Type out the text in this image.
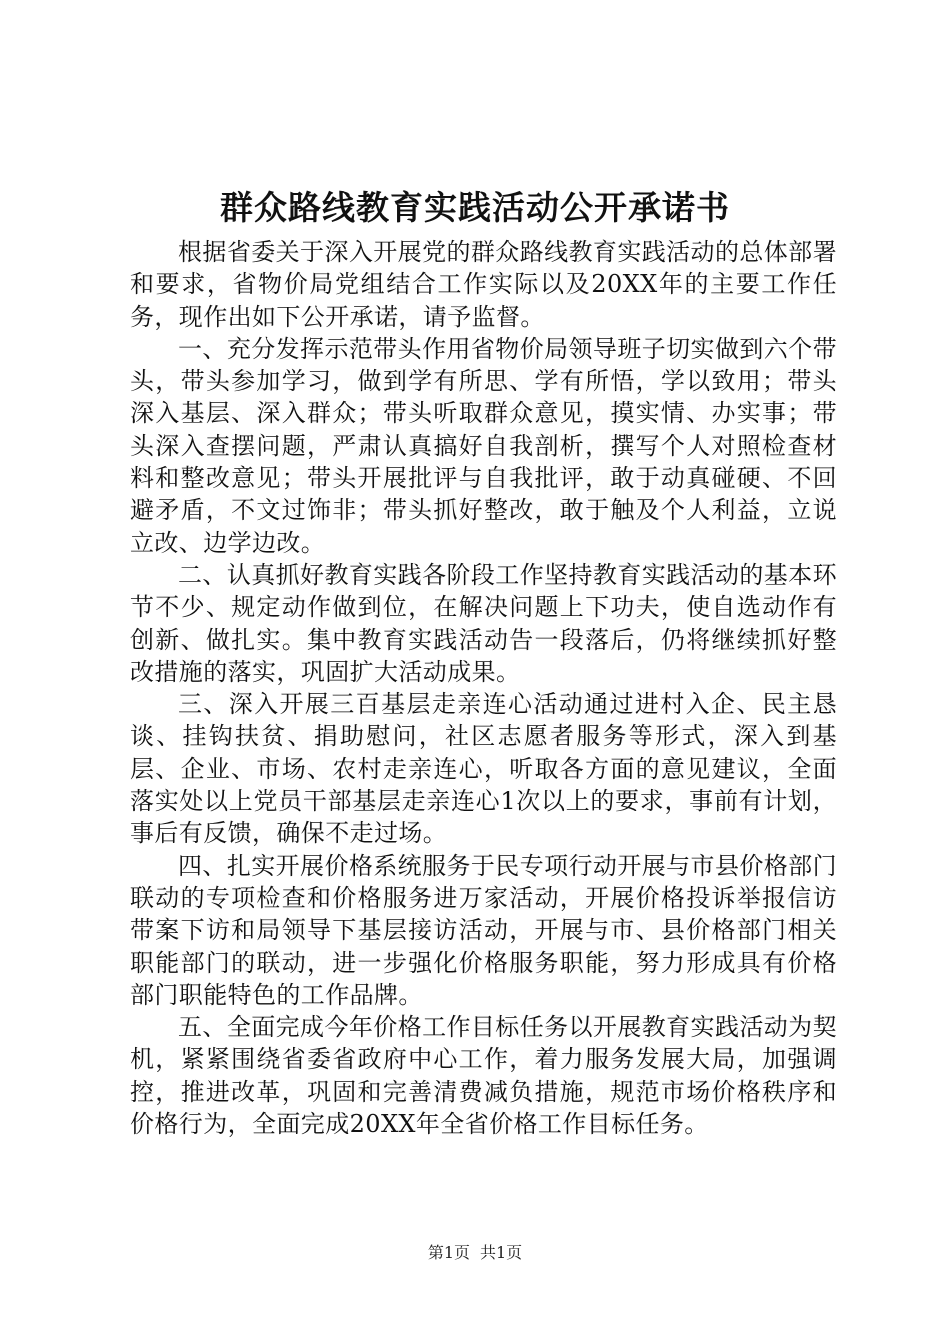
群众路线教育实践活动公开承诺书

根据省委关于深入开展党的群众路线教育实践活动的总体部署和要求，省物价局党组结合工作实际以及20XX年的主要工作任务，现作出如下公开承诺，请予监督。

一、充分发挥示范带头作用省物价局领导班子切实做到六个带头，带头参加学习，做到学有所思、学有所悟，学以致用；带头深入基层、深入群众；带头听取群众意见，摸实情、办实事；带头深入查摆问题，严肃认真搞好自我剖析，撰写个人对照检查材料和整改意见；带头开展批评与自我批评，敢于动真碰硬、不回避矛盾，不文过饰非；带头抓好整改，敢于触及个人利益，立说立改、边学边改。

二、认真抓好教育实践各阶段工作坚持教育实践活动的基本环节不少、规定动作做到位，在解决问题上下功夫，使自选动作有创新、做扎实。集中教育实践活动告一段落后，仍将继续抓好整改措施的落实，巩固扩大活动成果。

三、深入开展三百基层走亲连心活动通过进村入企、民主恳谈、挂钩扶贫、捐助慰问，社区志愿者服务等形式，深入到基层、企业、市场、农村走亲连心，听取各方面的意见建议，全面落实处以上党员干部基层走亲连心1次以上的要求，事前有计划，事后有反馈，确保不走过场。

四、扎实开展价格系统服务于民专项行动开展与市县价格部门联动的专项检查和价格服务进万家活动，开展价格投诉举报信访带案下访和局领导下基层接访活动，开展与市、县价格部门相关职能部门的联动，进一步强化价格服务职能，努力形成具有价格部门职能特色的工作品牌。

五、全面完成今年价格工作目标任务以开展教育实践活动为契机，紧紧围绕省委省政府中心工作，着力服务发展大局，加强调控，推进改革，巩固和完善清费减负措施，规范市场价格秩序和价格行为，全面完成20XX年全省价格工作目标任务。

第1页 共1页
